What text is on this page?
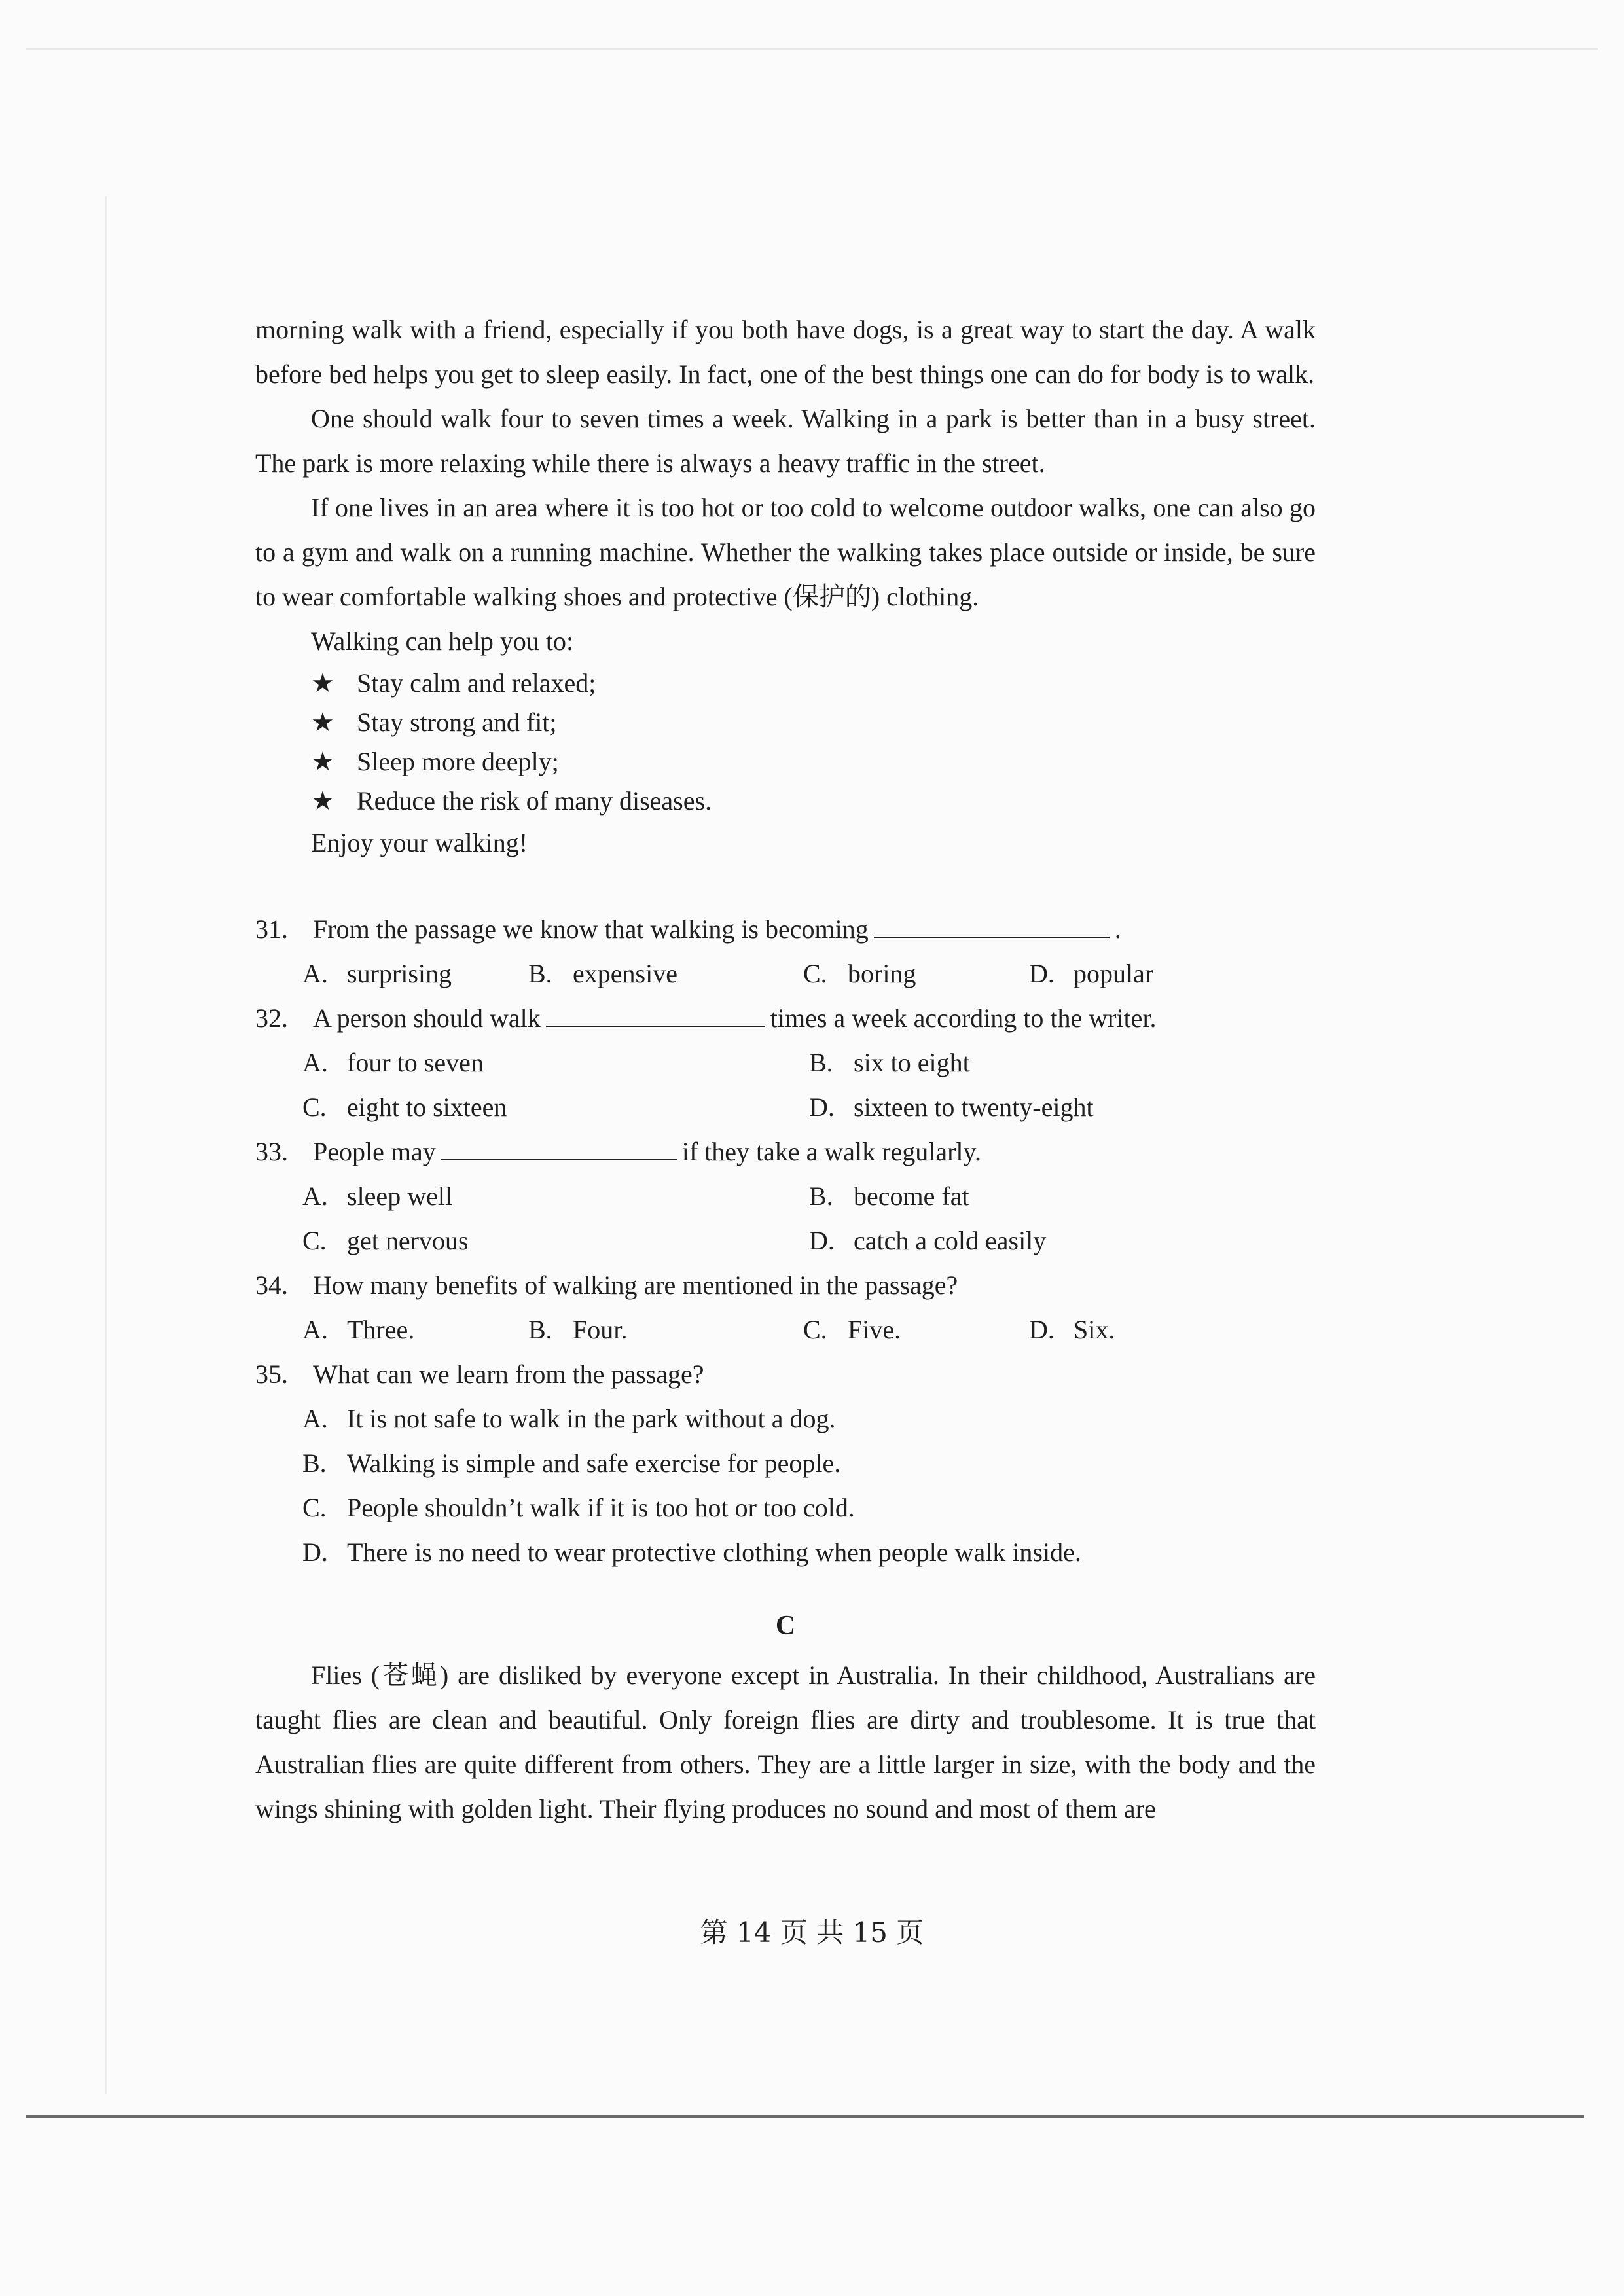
morning walk with a friend, especially if you both have dogs, is a great way to start the day. A walk before bed helps you get to sleep easily. In fact, one of the best things one can do for body is to walk.

One should walk four to seven times a week. Walking in a park is better than in a busy street. The park is more relaxing while there is always a heavy traffic in the street.

If one lives in an area where it is too hot or too cold to welcome outdoor walks, one can also go to a gym and walk on a running machine. Whether the walking takes place outside or inside, be sure to wear comfortable walking shoes and protective (保护的) clothing.

Walking can help you to:

★ Stay calm and relaxed;
★ Stay strong and fit;
★ Sleep more deeply;
★ Reduce the risk of many diseases.

Enjoy your walking!

31. From the passage we know that walking is becoming	.
A. surprising	B. expensive	C. boring	D. popular
32. A person should walk	times a week according to the writer.
A. four to seven	B. six to eight
C. eight to sixteen	D. sixteen to twenty-eight
33. People may	if they take a walk regularly.
A. sleep well	B. become fat
C. get nervous	D. catch a cold easily
34. How many benefits of walking are mentioned in the passage?
A. Three.	B. Four.	C. Five.	D. Six.
35. What can we learn from the passage?
A. It is not safe to walk in the park without a dog.
B. Walking is simple and safe exercise for people.
C. People shouldn’t walk if it is too hot or too cold.
D. There is no need to wear protective clothing when people walk inside.
C

Flies (苍蝇) are disliked by everyone except in Australia. In their childhood, Australians are taught flies are clean and beautiful. Only foreign flies are dirty and troublesome. It is true that Australian flies are quite different from others. They are a little larger in size, with the body and the wings shining with golden light. Their flying produces no sound and most of them are

第 14 页 共 15 页
